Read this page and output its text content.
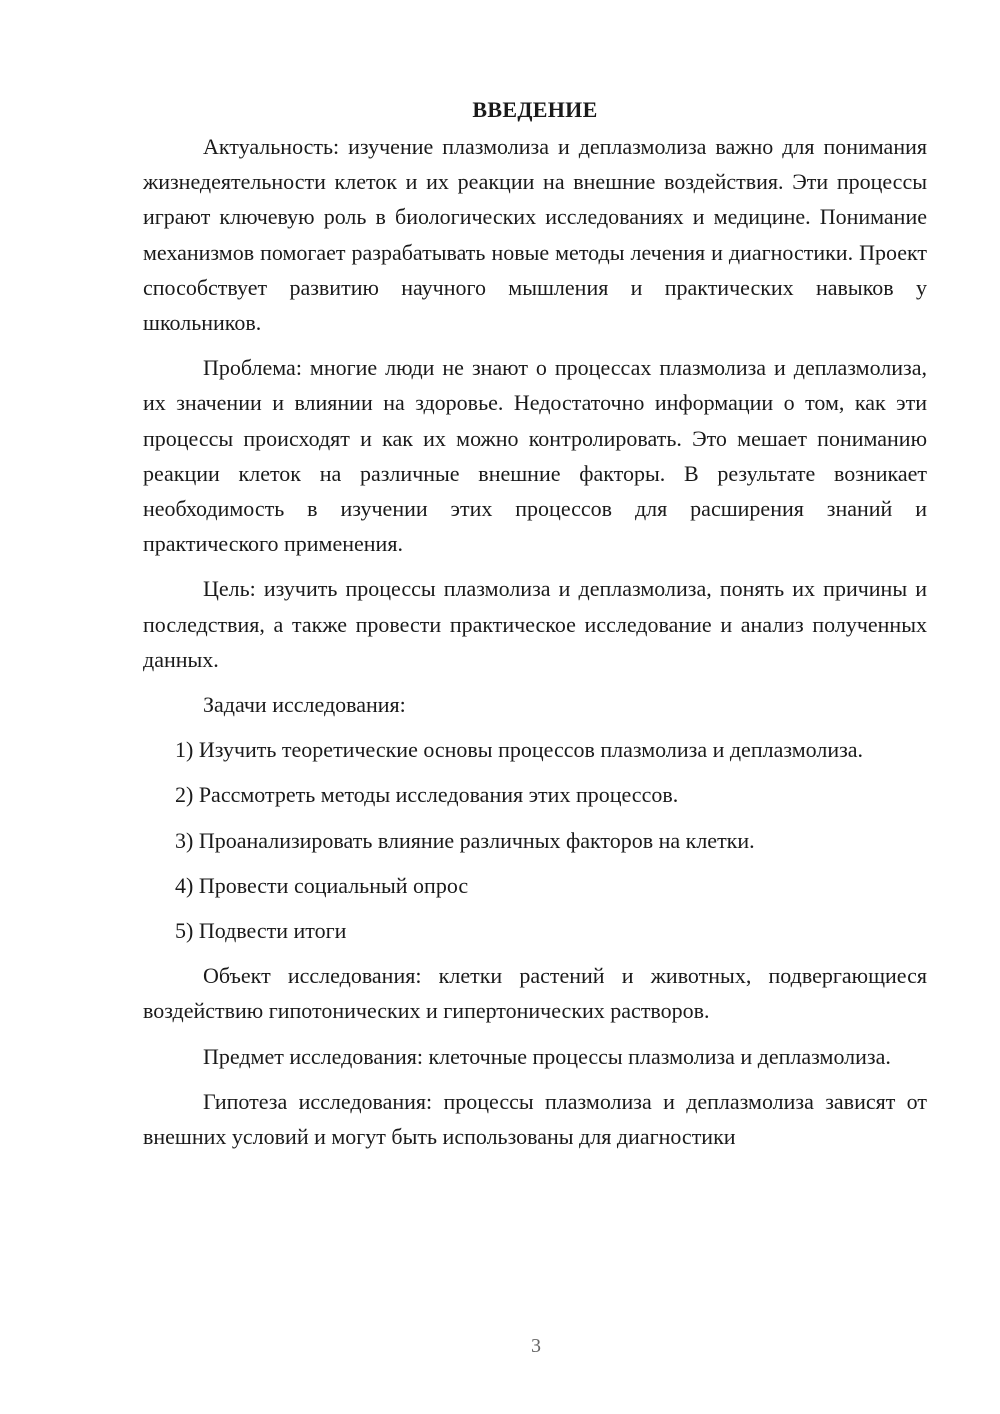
ВВЕДЕНИЕ

Актуальность: изучение плазмолиза и деплазмолиза важно для понимания жизнедеятельности клеток и их реакции на внешние воздействия. Эти процессы играют ключевую роль в биологических исследованиях и медицине. Понимание механизмов помогает разрабатывать новые методы лечения и диагностики. Проект способствует развитию научного мышления и практических навыков у школьников.

Проблема: многие люди не знают о процессах плазмолиза и деплазмолиза, их значении и влиянии на здоровье. Недостаточно информации о том, как эти процессы происходят и как их можно контролировать. Это мешает пониманию реакции клеток на различные внешние факторы. В результате возникает необходимость в изучении этих процессов для расширения знаний и практического применения.

Цель: изучить процессы плазмолиза и деплазмолиза, понять их причины и последствия, а также провести практическое исследование и анализ полученных данных.

Задачи исследования:

1) Изучить теоретические основы процессов плазмолиза и деплазмолиза.

2) Рассмотреть методы исследования этих процессов.

3) Проанализировать влияние различных факторов на клетки.

4) Провести социальный опрос

5) Подвести итоги

Объект исследования: клетки растений и животных, подвергающиеся воздействию гипотонических и гипертонических растворов.

Предмет исследования: клеточные процессы плазмолиза и деплазмолиза.

Гипотеза исследования: процессы плазмолиза и деплазмолиза зависят от внешних условий и могут быть использованы для диагностики

3
